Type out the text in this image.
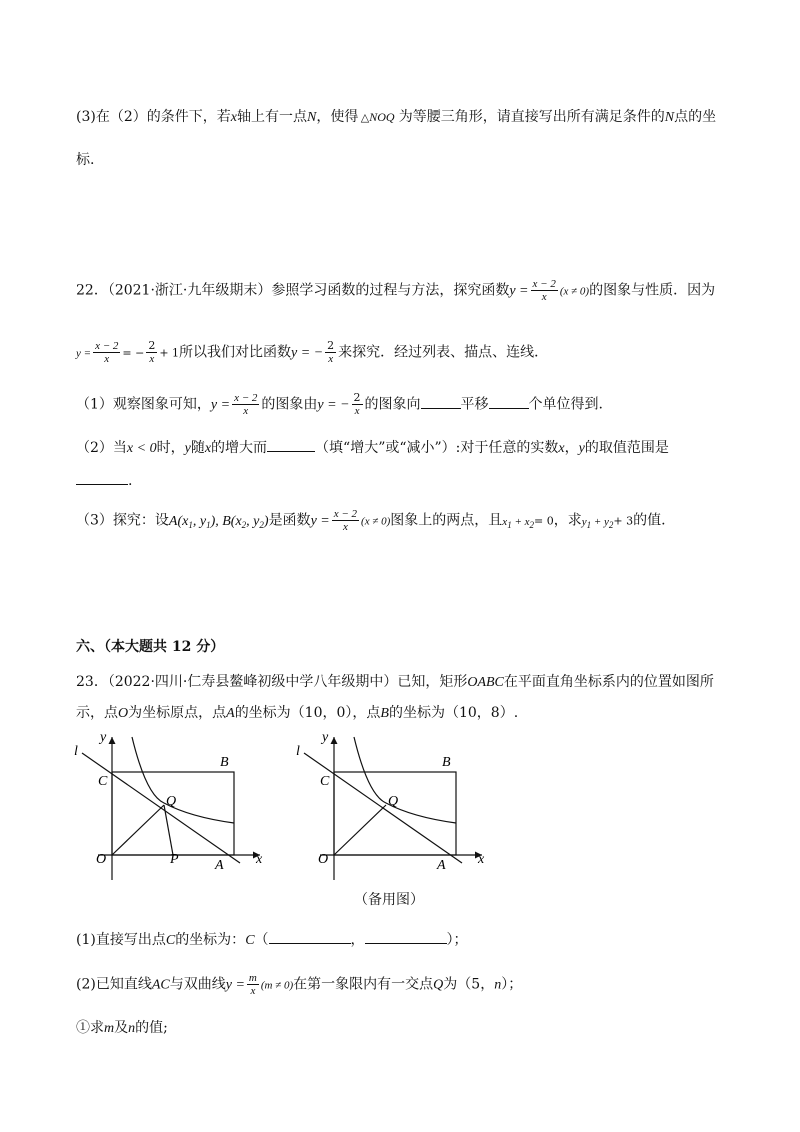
(3)在（2）的条件下，若x轴上有一点N，使得 △NOQ 为等腰三角形，请直接写出所有满足条件的N点的坐
标.
22．（2021·浙江·九年级期末）参照学习函数的过程与方法，探究函数$y = \frac{x - 2}{x} (x \ne 0)$的图象与性质．因为
$y = \frac{x - 2}{x}$ = − $\frac{2}{x} + 1$所以我们对比函数y = − $\frac{2}{x}$ 来探究．经过列表、描点、连线．
（1）观察图象可知，$y = \frac{x - 2}{x}$ 的图象由y = − $\frac{2}{x}$ 的图象向	平移	个单位得到.
（2）当x < 0时，y随x的增大而	（填“增大”或“减小”）:对于任意的实数x，y的取值范围是
.
（3）探究：设$A(x_1$, $y_1$), $B(x_2$, $y_2$)是函数$y = \frac{x - 2}{x} (x \ne 0)$图象上的两点，且$x_1 + x_2= 0$，求$y_1 + y_2+ 3$的值.
六、（本大题共 12 分）
23．（2022·四川·仁寿县鳌峰初级中学八年级期中）已知，矩形OABC在平面直角坐标系内的位置如图所
示，点O为坐标原点，点A的坐标为（10，0），点B的坐标为（10，8）.
l
y
C
B
Q
O	P	A x
l
y
C
B
Q
O	A x
（备用图）
(1)直接写出点C的坐标为：C（	，	）；
(2)已知直线AC与双曲线$y = \frac{m}{x} (m \ne 0)$在第一象限内有一交点Q为（5，n）；
①求m及n的值;
